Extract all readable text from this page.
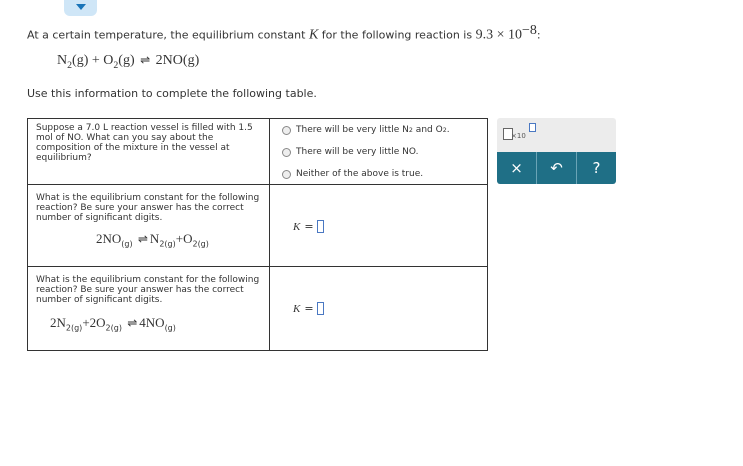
At a certain temperature, the equilibrium constant K for the following reaction is $9.3 \times 10^{-8}$:
$N_2(g) + O_2(g)$ ⇌ 2NO(g)
Use this information to complete the following table.
Suppose a 7.0 L reaction vessel is filled with 1.5 mol of NO. What can you say about the composition of the mixture in the vessel at equilibrium?
There will be very little N 2 and O 2 .
There will be very little NO.
Neither of the above is true.
What is the equilibrium constant for the following reaction? Be sure your answer has the correct number of significant digits.
$2NO_{(g)}$ ⇌ $N_{2(g)}+O_{2(g)}$
K =
What is the equilibrium constant for the following reaction? Be sure your answer has the correct number of significant digits.
$2N_{2(g)}+2O_{2(g)}$ ⇌ $4NO_{(g)}$
K =
×10
× ↶ ?
